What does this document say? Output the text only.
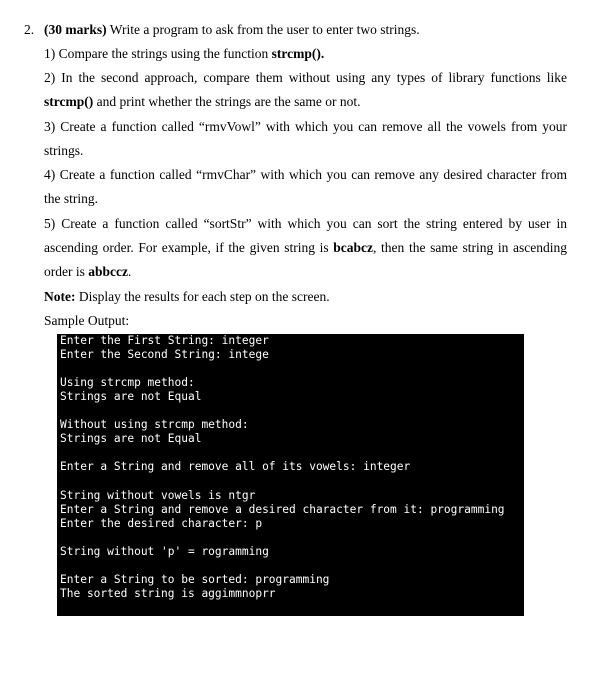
2. (30 marks) Write a program to ask from the user to enter two strings.
1) Compare the strings using the function strcmp().
2) In the second approach, compare them without using any types of library functions like strcmp() and print whether the strings are the same or not.
3) Create a function called “rmvVowl” with which you can remove all the vowels from your strings.
4) Create a function called “rmvChar” with which you can remove any desired character from the string.
5) Create a function called “sortStr” with which you can sort the string entered by user in ascending order. For example, if the given string is bcabcz, then the same string in ascending order is abbccz.
Note: Display the results for each step on the screen.
Sample Output:
Enter the First String: integer
Enter the Second String: intege
Using strcmp method:
Strings are not Equal
Without using strcmp method:
Strings are not Equal
Enter a String and remove all of its vowels: integer
String without vowels is ntgr
Enter a String and remove a desired character from it: programming
Enter the desired character: p
String without 'p' = rogramming
Enter a String to be sorted: programming
The sorted string is aggimmnoprr
